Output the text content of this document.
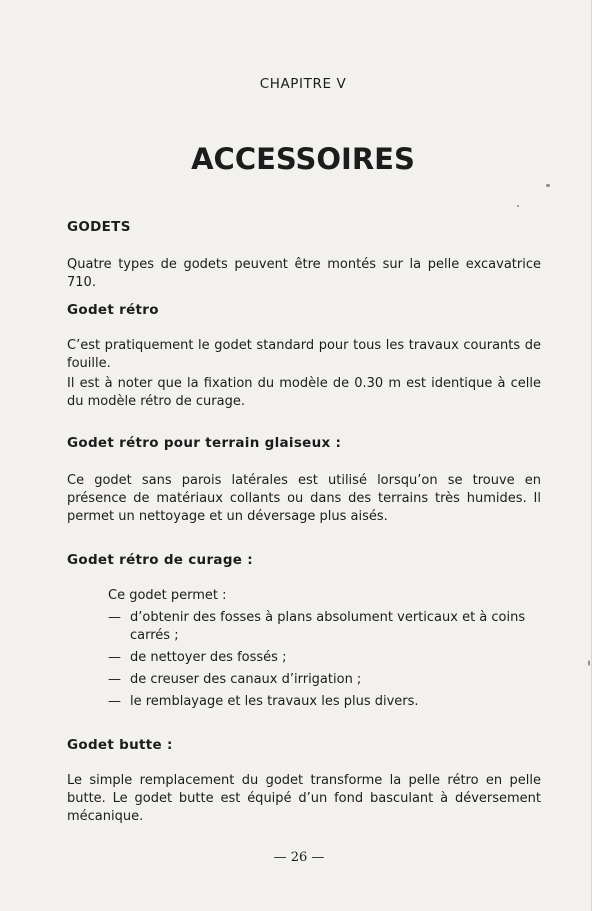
CHAPITRE V
ACCESSOIRES
GODETS
Quatre types de godets peuvent être montés sur la pelle excavatrice 710.
Godet rétro
C’est pratiquement le godet standard pour tous les travaux courants de fouille.
Il est à noter que la fixation du modèle de 0.30 m est identique à celle du modèle rétro de curage.
Godet rétro pour terrain glaiseux :
Ce godet sans parois latérales est utilisé lorsqu’on se trouve en présence de matériaux collants ou dans des terrains très humides. Il permet un nettoyage et un déversage plus aisés.
Godet rétro de curage :
Ce godet permet :
— d’obtenir des fosses à plans absolument verticaux et à coins carrés ;
— de nettoyer des fossés ;
— de creuser des canaux d’irrigation ;
— le remblayage et les travaux les plus divers.
Godet butte :
Le simple remplacement du godet transforme la pelle rétro en pelle butte. Le godet butte est équipé d’un fond basculant à déversement mécanique.
— 26 —
